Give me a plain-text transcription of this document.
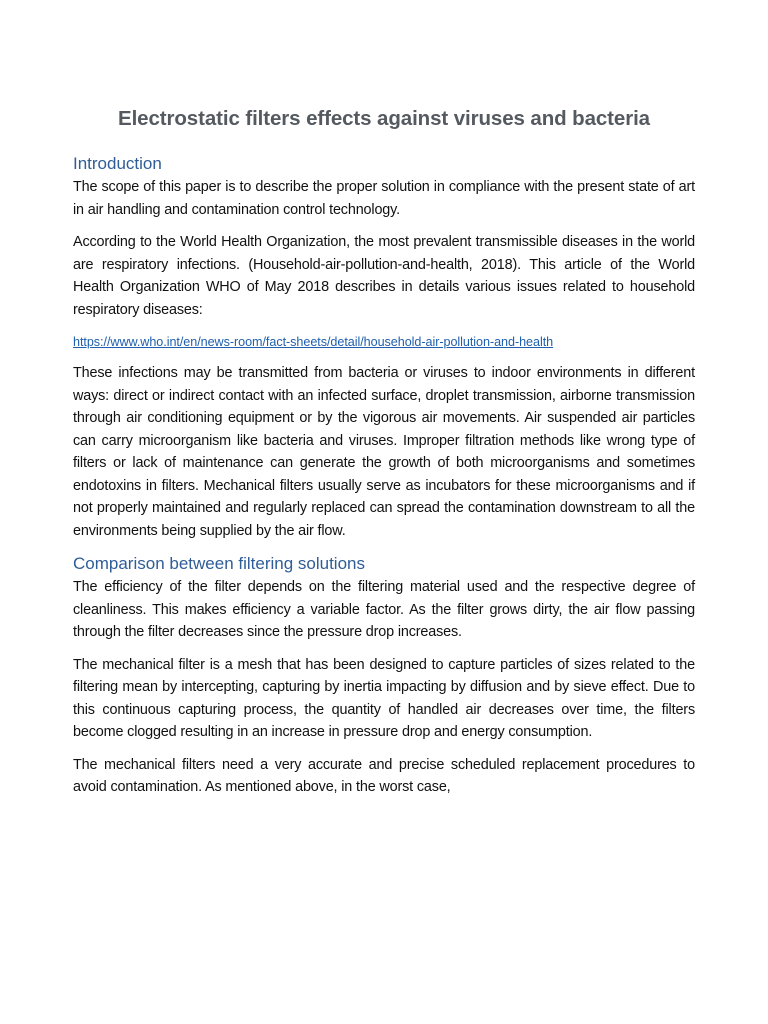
Electrostatic filters effects against viruses and bacteria
Introduction

The scope of this paper is to describe the proper solution in compliance with the present state of art in air handling and contamination control technology.

According to the World Health Organization, the most prevalent transmissible diseases in the world are respiratory infections. (Household-air-pollution-and-health, 2018). This article of the World Health Organization WHO of May 2018 describes in details various issues related to household respiratory diseases:

https://www.who.int/en/news-room/fact-sheets/detail/household-air-pollution-and-health

These infections may be transmitted from bacteria or viruses to indoor environments in different ways: direct or indirect contact with an infected surface, droplet transmission, airborne transmission through air conditioning equipment or by the vigorous air movements. Air suspended air particles can carry microorganism like bacteria and viruses. Improper filtration methods like wrong type of filters or lack of maintenance can generate the growth of both microorganisms and sometimes endotoxins in filters. Mechanical filters usually serve as incubators for these microorganisms and if not properly maintained and regularly replaced can spread the contamination downstream to all the environments being supplied by the air flow.

Comparison between filtering solutions

The efficiency of the filter depends on the filtering material used and the respective degree of cleanliness. This makes efficiency a variable factor. As the filter grows dirty, the air flow passing through the filter decreases since the pressure drop increases.

The mechanical filter is a mesh that has been designed to capture particles of sizes related to the filtering mean by intercepting, capturing by inertia impacting by diffusion and by sieve effect. Due to this continuous capturing process, the quantity of handled air decreases over time, the filters become clogged resulting in an increase in pressure drop and energy consumption.

The mechanical filters need a very accurate and precise scheduled replacement procedures to avoid contamination. As mentioned above, in the worst case,
